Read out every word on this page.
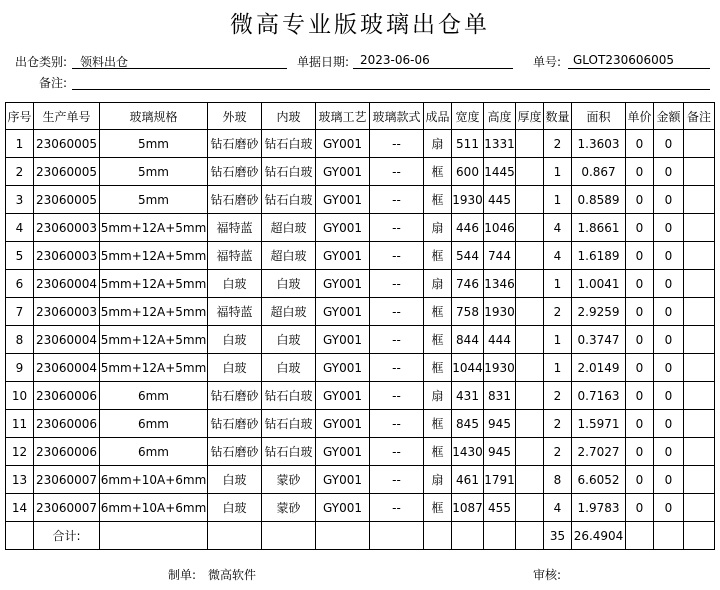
微高专业版玻璃出仓单
出仓类别: 领料出仓	单据日期: 2023-06-06	单号: GLOT230606005
备注:
序号	生产单号	玻璃规格	外玻	内玻	玻璃工艺	玻璃款式	成品	宽度	高度	厚度	数量	面积	单价	金额	备注
1	23060005	5mm	钻石磨砂	钻石白玻	GY001	--	扇	511	1331		2	1.3603	0	0	
2	23060005	5mm	钻石磨砂	钻石白玻	GY001	--	框	600	1445		1	0.867	0	0	
3	23060005	5mm	钻石磨砂	钻石白玻	GY001	--	框	1930	445		1	0.8589	0	0	
4	23060003	5mm+12A+5mm	福特蓝	超白玻	GY001	--	扇	446	1046		4	1.8661	0	0	
5	23060003	5mm+12A+5mm	福特蓝	超白玻	GY001	--	框	544	744		4	1.6189	0	0	
6	23060004	5mm+12A+5mm	白玻	白玻	GY001	--	扇	746	1346		1	1.0041	0	0	
7	23060003	5mm+12A+5mm	福特蓝	超白玻	GY001	--	框	758	1930		2	2.9259	0	0	
8	23060004	5mm+12A+5mm	白玻	白玻	GY001	--	框	844	444		1	0.3747	0	0	
9	23060004	5mm+12A+5mm	白玻	白玻	GY001	--	框	1044	1930		1	2.0149	0	0	
10	23060006	6mm	钻石磨砂	钻石白玻	GY001	--	扇	431	831		2	0.7163	0	0	
11	23060006	6mm	钻石磨砂	钻石白玻	GY001	--	框	845	945		2	1.5971	0	0	
12	23060006	6mm	钻石磨砂	钻石白玻	GY001	--	框	1430	945		2	2.7027	0	0	
13	23060007	6mm+10A+6mm	白玻	蒙砂	GY001	--	扇	461	1791		8	6.6052	0	0	
14	23060007	6mm+10A+6mm	白玻	蒙砂	GY001	--	框	1087	455		4	1.9783	0	0	
	合计:										35	26.4904			
制单: 微高软件	审核:
